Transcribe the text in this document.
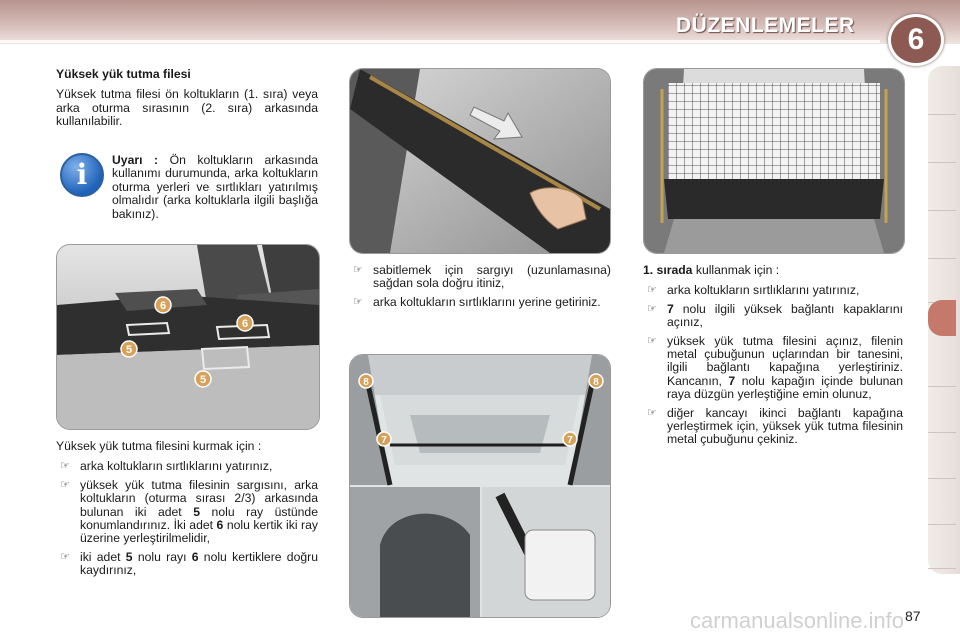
DÜZENLEMELER	6
Yüksek yük tutma filesi

Yüksek tutma filesi ön koltukların (1. sıra) veya arka oturma sırasının (2. sıra) arkasında kullanılabilir.

i	Uyarı : Ön koltukların arkasında kullanımı durumunda, arka koltukların oturma yerleri ve sırtlıkları yatırılmış olmalıdır (arka koltuklarla ilgili başlığa bakınız).

6
6
5
5

Yüksek yük tutma filesini kurmak için :

☞ arka koltukların sırtlıklarını yatırınız,
☞ yüksek yük tutma filesinin sargısını, arka koltukların (oturma sırası 2/3) arkasında bulunan iki adet 5 nolu ray üstünde konumlandırınız. İki adet 6 nolu kertik iki ray üzerine yerleştirilmelidir,
☞ iki adet 5 nolu rayı 6 nolu kertiklere doğru kaydırınız,
☞ sabitlemek için sargıyı (uzunlamasına) sağdan sola doğru itiniz,
☞ arka koltukların sırtlıklarını yerine getiriniz.
8	8
7	7

1. sırada kullanmak için :

☞ arka koltukların sırtlıklarını yatırınız,
☞ 7 nolu ilgili yüksek bağlantı kapaklarını açınız,
☞ yüksek yük tutma filesini açınız, filenin metal çubuğunun uçlarından bir tanesini, ilgili bağlantı kapağına yerleştiriniz. Kancanın, 7 nolu kapağın içinde bulunan raya düzgün yerleştiğine emin olunuz,
☞ diğer kancayı ikinci bağlantı kapağına yerleştirmek için, yüksek yük tutma filesinin metal çubuğunu çekiniz.
carmanualsonline.info 87
